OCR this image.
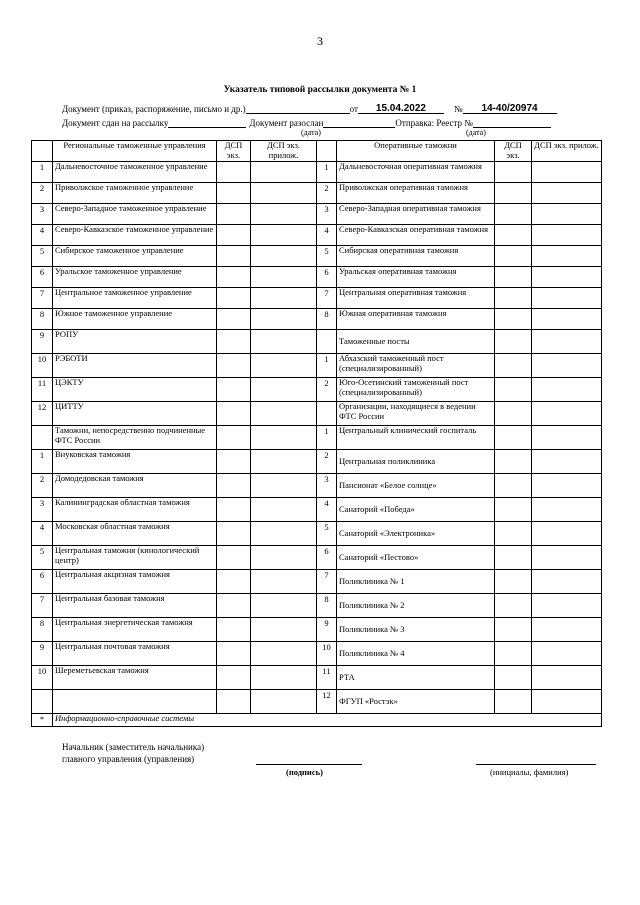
3
Указатель типовой рассылки документа № 1
Документ (приказ, распоряжение, письмо и др.)	от 15.04.2022	№ 14-40/20974
Документ сдан на рассылку	Документ разослан	Отправка: Реестр №
(дата)	(дата)
	Региональные таможенные управления	ДСП экз.	ДСП экз. прилож.		Оперативные таможни	ДСП экз.	ДСП экз. прилож.
1	Дальневосточное таможенное управление			1	Дальневосточная оперативная таможня		
2	Приволжское таможенное управление			2	Приволжская оперативная таможня		
3	Северо-Западное таможенное управление			3	Северо-Западная оперативная таможня		
4	Северо-Кавказское таможенное управление			4	Северо-Кавказская оперативная таможня		
5	Сибирское таможенное управление			5	Сибирская оперативная таможня		
6	Уральское таможенное управление			6	Уральская оперативная таможня		
7	Центральное таможенное управление			7	Центральная оперативная таможня		
8	Южное таможенное управление			8	Южная оперативная таможня		
9	РОПУ				Таможенные посты		
10	РЭБОТИ			1	Абхазский таможенный пост (специализированный)		
11	ЦЭКТУ			2	Юго-Осетинский таможенный пост (специализированный)		
12	ЦИТТУ				Организации, находящиеся в ведении ФТС России		
	Таможни, непосредственно подчиненные ФТС России			1	Центральный клинический госпиталь		
1	Внуковская таможня			2	Центральная поликлиника		
2	Домодедовская таможня			3	Пансионат «Белое солнце»		
3	Калининградская областная таможня			4	Санаторий «Победа»		
4	Московская областная таможня			5	Санаторий «Электроника»		
5	Центральная таможня (кинологический центр)			6	Санаторий «Пестово»		
6	Центральная акцизная таможня			7	Поликлиника № 1		
7	Центральная базовая таможня			8	Поликлиника № 2		
8	Центральная энергетическая таможня			9	Поликлиника № 3		
9	Центральная почтовая таможня			10	Поликлиника № 4		
10	Шереметьевская таможня			11	РТА		
				12	ФГУП «Ростэк»		
*	Информационно-справочные системы						
Начальник (заместитель начальника)
главного управления (управления)
(подпись)	(инициалы, фамилия)
